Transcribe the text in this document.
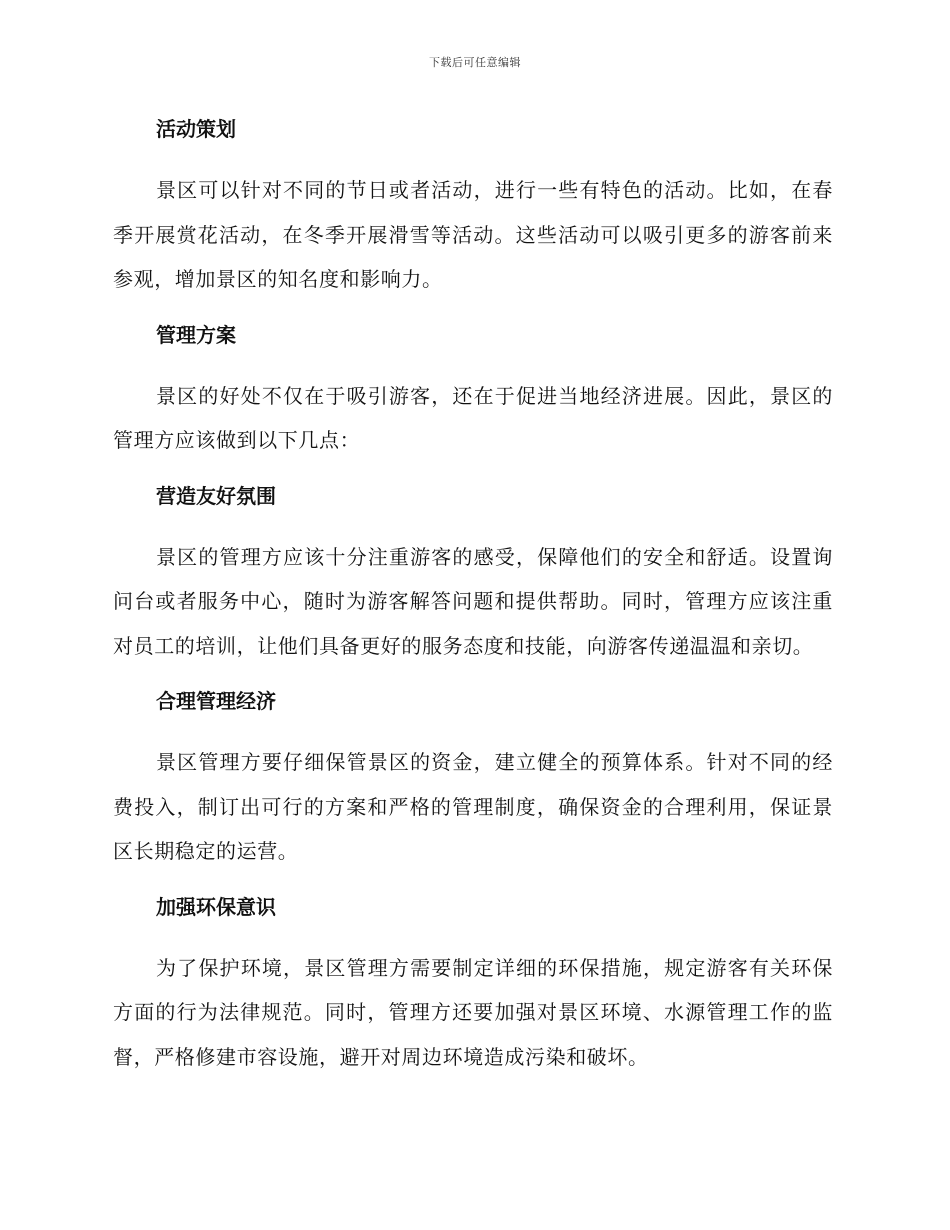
下载后可任意编辑
活动策划

景区可以针对不同的节日或者活动，进行一些有特色的活动。比如，在春季开展赏花活动，在冬季开展滑雪等活动。这些活动可以吸引更多的游客前来参观，增加景区的知名度和影响力。

管理方案

景区的好处不仅在于吸引游客，还在于促进当地经济进展。因此，景区的管理方应该做到以下几点：

营造友好氛围

景区的管理方应该十分注重游客的感受，保障他们的安全和舒适。设置询问台或者服务中心，随时为游客解答问题和提供帮助。同时，管理方应该注重对员工的培训，让他们具备更好的服务态度和技能，向游客传递温温和亲切。

合理管理经济

景区管理方要仔细保管景区的资金，建立健全的预算体系。针对不同的经费投入，制订出可行的方案和严格的管理制度，确保资金的合理利用，保证景区长期稳定的运营。

加强环保意识

为了保护环境，景区管理方需要制定详细的环保措施，规定游客有关环保方面的行为法律规范。同时，管理方还要加强对景区环境、水源管理工作的监督，严格修建市容设施，避开对周边环境造成污染和破坏。
